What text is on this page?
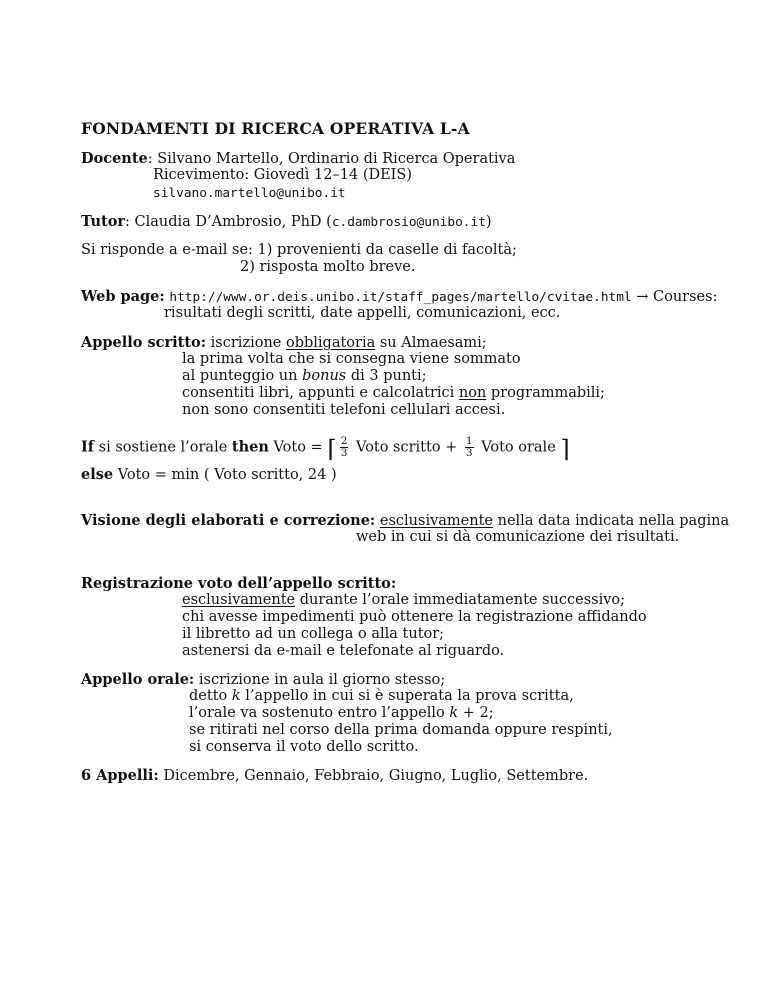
FONDAMENTI DI RICERCA OPERATIVA L-A
Docente: Silvano Martello, Ordinario di Ricerca Operativa
Ricevimento: Giovedì 12–14 (DEIS)
silvano.martello@unibo.it
Tutor: Claudia D’Ambrosio, PhD (c.dambrosio@unibo.it)
Si risponde a e-mail se: 1) provenienti da caselle di facoltà;
2) risposta molto breve.
Web page: http://www.or.deis.unibo.it/staff_pages/martello/cvitae.html → Courses:
risultati degli scritti, date appelli, comunicazioni, ecc.
Appello scritto: iscrizione obbligatoria su Almaesami;
la prima volta che si consegna viene sommato
al punteggio un bonus di 3 punti;
consentiti libri, appunti e calcolatrici non programmabili;
non sono consentiti telefoni cellulari accesi.
If si sostiene l’orale then Voto = ⌈ $\frac{2}{3}$ Voto scritto + $\frac{1}{3}$ Voto orale ⌉
else Voto = min ( Voto scritto, 24 )
Visione degli elaborati e correzione: esclusivamente nella data indicata nella pagina
web in cui si dà comunicazione dei risultati.
Registrazione voto dell’appello scritto:
esclusivamente durante l’orale immediatamente successivo;
chi avesse impedimenti può ottenere la registrazione affidando
il libretto ad un collega o alla tutor;
astenersi da e-mail e telefonate al riguardo.
Appello orale: iscrizione in aula il giorno stesso;
detto k l’appello in cui si è superata la prova scritta,
l’orale va sostenuto entro l’appello k + 2;
se ritirati nel corso della prima domanda oppure respinti,
si conserva il voto dello scritto.
6 Appelli: Dicembre, Gennaio, Febbraio, Giugno, Luglio, Settembre.
